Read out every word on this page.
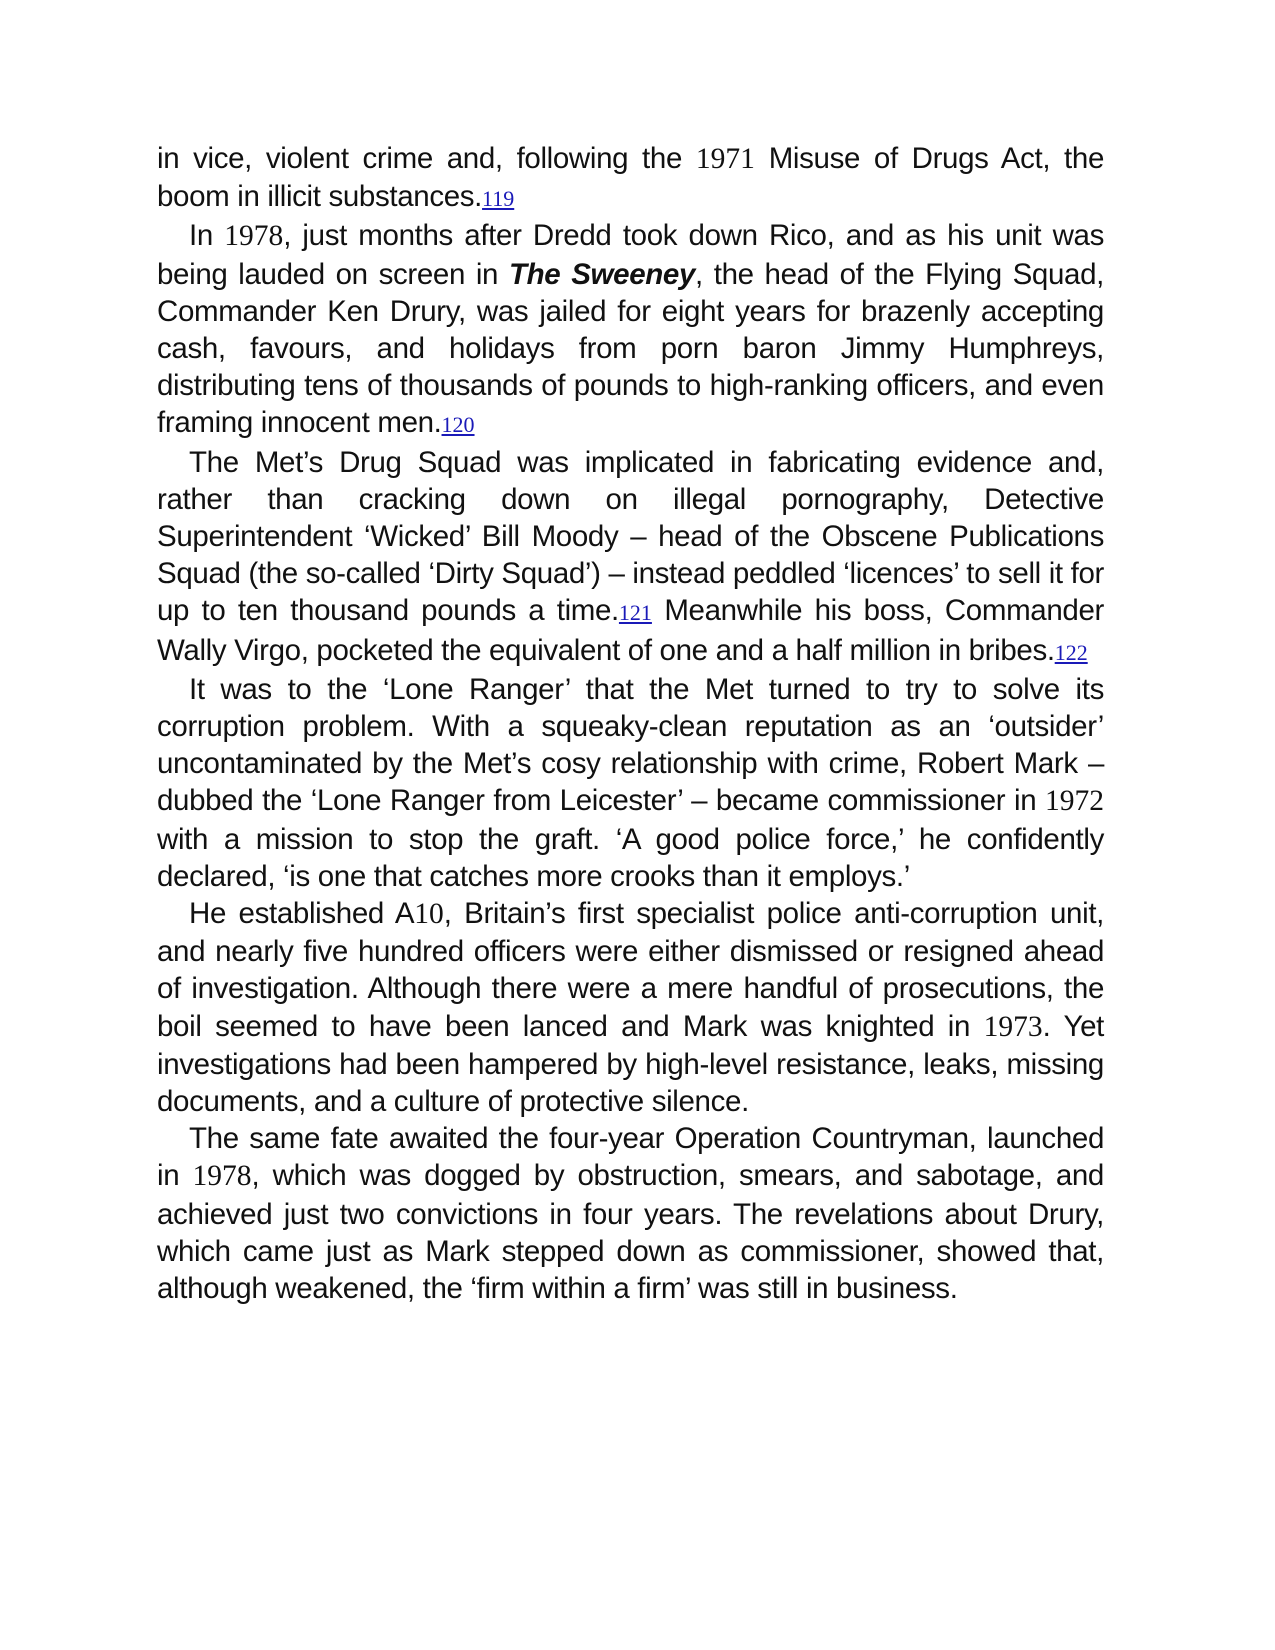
in vice, violent crime and, following the 1971 Misuse of Drugs Act, the boom in illicit substances.119

In 1978, just months after Dredd took down Rico, and as his unit was being lauded on screen in The Sweeney, the head of the Flying Squad, Commander Ken Drury, was jailed for eight years for brazenly accepting cash, favours, and holidays from porn baron Jimmy Humphreys, distributing tens of thousands of pounds to high-ranking officers, and even framing innocent men.120

The Met’s Drug Squad was implicated in fabricating evidence and, rather than cracking down on illegal pornography, Detective Superintendent ‘Wicked’ Bill Moody – head of the Obscene Publications Squad (the so-called ‘Dirty Squad’) – instead peddled ‘licences’ to sell it for up to ten thousand pounds a time.121 Meanwhile his boss, Commander Wally Virgo, pocketed the equivalent of one and a half million in bribes.122

It was to the ‘Lone Ranger’ that the Met turned to try to solve its corruption problem. With a squeaky-clean reputation as an ‘outsider’ uncontaminated by the Met’s cosy relationship with crime, Robert Mark – dubbed the ‘Lone Ranger from Leicester’ – became commissioner in 1972 with a mission to stop the graft. ‘A good police force,’ he confidently declared, ‘is one that catches more crooks than it employs.’

He established A10, Britain’s first specialist police anti-corruption unit, and nearly five hundred officers were either dismissed or resigned ahead of investigation. Although there were a mere handful of prosecutions, the boil seemed to have been lanced and Mark was knighted in 1973. Yet investigations had been hampered by high-level resistance, leaks, missing documents, and a culture of protective silence.

The same fate awaited the four-year Operation Countryman, launched in 1978, which was dogged by obstruction, smears, and sabotage, and achieved just two convictions in four years. The revelations about Drury, which came just as Mark stepped down as commissioner, showed that, although weakened, the ‘firm within a firm’ was still in business.
